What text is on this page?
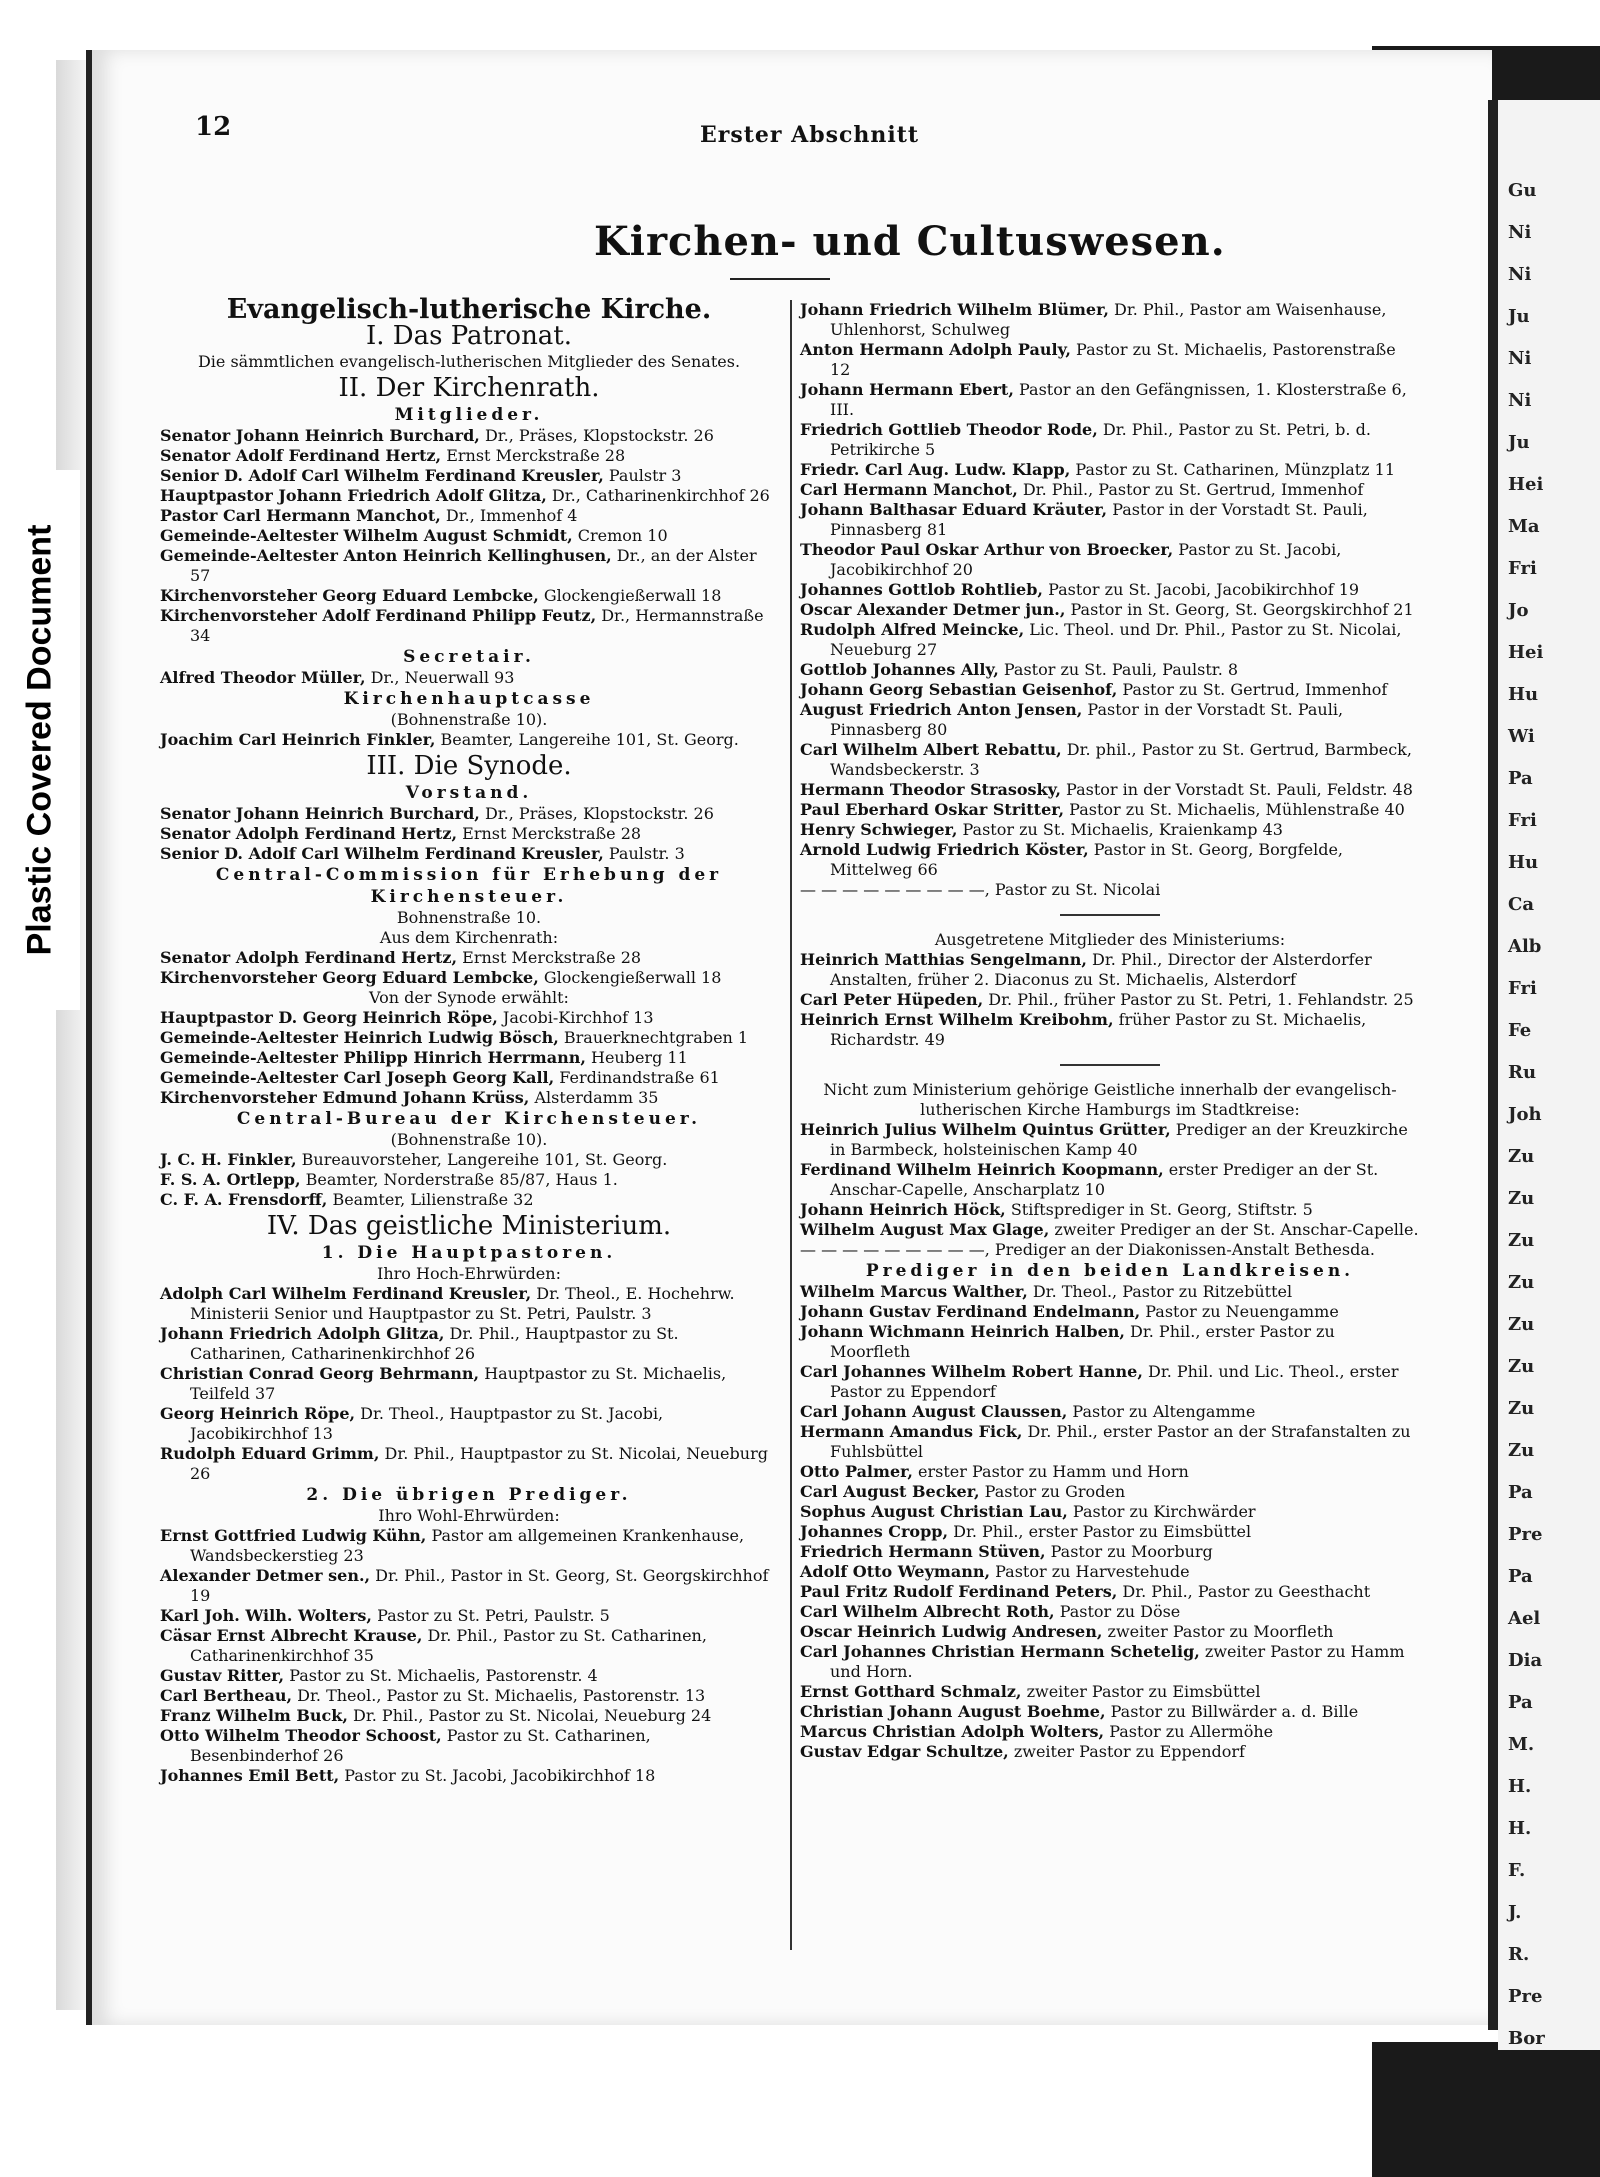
Gu
Ni
Ni
Ju
Ni
Ni
Ju
Hei
Ma
Fri
Jo
Hei
Hu
Wi
Pa
Fri
Hu
Ca
Alb
Fri
Fe
Ru
Joh
Zu
Zu
Zu
Zu
Zu
Zu
Zu
Zu
Pa
Pre
Pa
Ael
Dia
Pa
M.
H.
H.
F.
J.
R.
Pre
Bor
Plastic Covered Document
12	Erster Abschnitt
Kirchen- und Cultuswesen.

Evangelisch-lutherische Kirche.

I. Das Patronat.

Die sämmtlichen evangelisch-lutherischen Mitglieder des Senates.

II. Der Kirchenrath.

Mitglieder.

Senator Johann Heinrich Burchard, Dr., Präses, Klopstockstr. 26

Senator Adolf Ferdinand Hertz, Ernst Merckstraße 28

Senior D. Adolf Carl Wilhelm Ferdinand Kreusler, Paulstr 3

Hauptpastor Johann Friedrich Adolf Glitza, Dr., Catharinenkirchhof 26

Pastor Carl Hermann Manchot, Dr., Immenhof 4

Gemeinde-Aeltester Wilhelm August Schmidt, Cremon 10

Gemeinde-Aeltester Anton Heinrich Kellinghusen, Dr., an der Alster 57

Kirchenvorsteher Georg Eduard Lembcke, Glockengießerwall 18

Kirchenvorsteher Adolf Ferdinand Philipp Feutz, Dr., Hermannstraße 34

Secretair.

Alfred Theodor Müller, Dr., Neuerwall 93

Kirchenhauptcasse

(Bohnenstraße 10).

Joachim Carl Heinrich Finkler, Beamter, Langereihe 101, St. Georg.

III. Die Synode.

Vorstand.

Senator Johann Heinrich Burchard, Dr., Präses, Klopstockstr. 26

Senator Adolph Ferdinand Hertz, Ernst Merckstraße 28

Senior D. Adolf Carl Wilhelm Ferdinand Kreusler, Paulstr. 3

Central-Commission für Erhebung der Kirchensteuer.

Bohnenstraße 10.

Aus dem Kirchenrath:

Senator Adolph Ferdinand Hertz, Ernst Merckstraße 28

Kirchenvorsteher Georg Eduard Lembcke, Glockengießerwall 18

Von der Synode erwählt:

Hauptpastor D. Georg Heinrich Röpe, Jacobi-Kirchhof 13

Gemeinde-Aeltester Heinrich Ludwig Bösch, Brauerknechtgraben 1

Gemeinde-Aeltester Philipp Hinrich Herrmann, Heuberg 11

Gemeinde-Aeltester Carl Joseph Georg Kall, Ferdinandstraße 61

Kirchenvorsteher Edmund Johann Krüss, Alsterdamm 35

Central-Bureau der Kirchensteuer.

(Bohnenstraße 10).

J. C. H. Finkler, Bureauvorsteher, Langereihe 101, St. Georg.

F. S. A. Ortlepp, Beamter, Norderstraße 85/87, Haus 1.

C. F. A. Frensdorff, Beamter, Lilienstraße 32

IV. Das geistliche Ministerium.

1. Die Hauptpastoren.

Ihro Hoch-Ehrwürden:

Adolph Carl Wilhelm Ferdinand Kreusler, Dr. Theol., E. Hochehrw. Ministerii Senior und Hauptpastor zu St. Petri, Paulstr. 3

Johann Friedrich Adolph Glitza, Dr. Phil., Hauptpastor zu St. Catharinen, Catharinenkirchhof 26

Christian Conrad Georg Behrmann, Hauptpastor zu St. Michaelis, Teilfeld 37

Georg Heinrich Röpe, Dr. Theol., Hauptpastor zu St. Jacobi, Jacobikirchhof 13

Rudolph Eduard Grimm, Dr. Phil., Hauptpastor zu St. Nicolai, Neueburg 26

2. Die übrigen Prediger.

Ihro Wohl-Ehrwürden:

Ernst Gottfried Ludwig Kühn, Pastor am allgemeinen Krankenhause, Wandsbeckerstieg 23

Alexander Detmer sen., Dr. Phil., Pastor in St. Georg, St. Georgskirchhof 19

Karl Joh. Wilh. Wolters, Pastor zu St. Petri, Paulstr. 5

Cäsar Ernst Albrecht Krause, Dr. Phil., Pastor zu St. Catharinen, Catharinenkirchhof 35

Gustav Ritter, Pastor zu St. Michaelis, Pastorenstr. 4

Carl Bertheau, Dr. Theol., Pastor zu St. Michaelis, Pastorenstr. 13

Franz Wilhelm Buck, Dr. Phil., Pastor zu St. Nicolai, Neueburg 24

Otto Wilhelm Theodor Schoost, Pastor zu St. Catharinen, Besenbinderhof 26

Johannes Emil Bett, Pastor zu St. Jacobi, Jacobikirchhof 18

Johann Friedrich Wilhelm Blümer, Dr. Phil., Pastor am Waisenhause, Uhlenhorst, Schulweg

Anton Hermann Adolph Pauly, Pastor zu St. Michaelis, Pastorenstraße 12

Johann Hermann Ebert, Pastor an den Gefängnissen, 1. Klosterstraße 6, III.

Friedrich Gottlieb Theodor Rode, Dr. Phil., Pastor zu St. Petri, b. d. Petrikirche 5

Friedr. Carl Aug. Ludw. Klapp, Pastor zu St. Catharinen, Münzplatz 11

Carl Hermann Manchot, Dr. Phil., Pastor zu St. Gertrud, Immenhof

Johann Balthasar Eduard Kräuter, Pastor in der Vorstadt St. Pauli, Pinnasberg 81

Theodor Paul Oskar Arthur von Broecker, Pastor zu St. Jacobi, Jacobikirchhof 20

Johannes Gottlob Rohtlieb, Pastor zu St. Jacobi, Jacobikirchhof 19

Oscar Alexander Detmer jun., Pastor in St. Georg, St. Georgskirchhof 21

Rudolph Alfred Meincke, Lic. Theol. und Dr. Phil., Pastor zu St. Nicolai, Neueburg 27

Gottlob Johannes Ally, Pastor zu St. Pauli, Paulstr. 8

Johann Georg Sebastian Geisenhof, Pastor zu St. Gertrud, Immenhof

August Friedrich Anton Jensen, Pastor in der Vorstadt St. Pauli, Pinnasberg 80

Carl Wilhelm Albert Rebattu, Dr. phil., Pastor zu St. Gertrud, Barmbeck, Wandsbeckerstr. 3

Hermann Theodor Strasosky, Pastor in der Vorstadt St. Pauli, Feldstr. 48

Paul Eberhard Oskar Stritter, Pastor zu St. Michaelis, Mühlenstraße 40

Henry Schwieger, Pastor zu St. Michaelis, Kraienkamp 43

Arnold Ludwig Friedrich Köster, Pastor in St. Georg, Borgfelde, Mittelweg 66

— — — — — — — — —, Pastor zu St. Nicolai

Ausgetretene Mitglieder des Ministeriums:

Heinrich Matthias Sengelmann, Dr. Phil., Director der Alsterdorfer Anstalten, früher 2. Diaconus zu St. Michaelis, Alsterdorf

Carl Peter Hüpeden, Dr. Phil., früher Pastor zu St. Petri, 1. Fehlandstr. 25

Heinrich Ernst Wilhelm Kreibohm, früher Pastor zu St. Michaelis, Richardstr. 49

Nicht zum Ministerium gehörige Geistliche innerhalb der evangelisch-lutherischen Kirche Hamburgs im Stadtkreise:

Heinrich Julius Wilhelm Quintus Grütter, Prediger an der Kreuzkirche in Barmbeck, holsteinischen Kamp 40

Ferdinand Wilhelm Heinrich Koopmann, erster Prediger an der St. Anschar-Capelle, Anscharplatz 10

Johann Heinrich Höck, Stiftsprediger in St. Georg, Stiftstr. 5

Wilhelm August Max Glage, zweiter Prediger an der St. Anschar-Capelle.

— — — — — — — — —, Prediger an der Diakonissen-Anstalt Bethesda.

Prediger in den beiden Landkreisen.

Wilhelm Marcus Walther, Dr. Theol., Pastor zu Ritzebüttel

Johann Gustav Ferdinand Endelmann, Pastor zu Neuengamme

Johann Wichmann Heinrich Halben, Dr. Phil., erster Pastor zu Moorfleth

Carl Johannes Wilhelm Robert Hanne, Dr. Phil. und Lic. Theol., erster Pastor zu Eppendorf

Carl Johann August Claussen, Pastor zu Altengamme

Hermann Amandus Fick, Dr. Phil., erster Pastor an der Strafanstalten zu Fuhlsbüttel

Otto Palmer, erster Pastor zu Hamm und Horn

Carl August Becker, Pastor zu Groden

Sophus August Christian Lau, Pastor zu Kirchwärder

Johannes Cropp, Dr. Phil., erster Pastor zu Eimsbüttel

Friedrich Hermann Stüven, Pastor zu Moorburg

Adolf Otto Weymann, Pastor zu Harvestehude

Paul Fritz Rudolf Ferdinand Peters, Dr. Phil., Pastor zu Geesthacht

Carl Wilhelm Albrecht Roth, Pastor zu Döse

Oscar Heinrich Ludwig Andresen, zweiter Pastor zu Moorfleth

Carl Johannes Christian Hermann Schetelig, zweiter Pastor zu Hamm und Horn.

Ernst Gotthard Schmalz, zweiter Pastor zu Eimsbüttel

Christian Johann August Boehme, Pastor zu Billwärder a. d. Bille

Marcus Christian Adolph Wolters, Pastor zu Allermöhe

Gustav Edgar Schultze, zweiter Pastor zu Eppendorf
